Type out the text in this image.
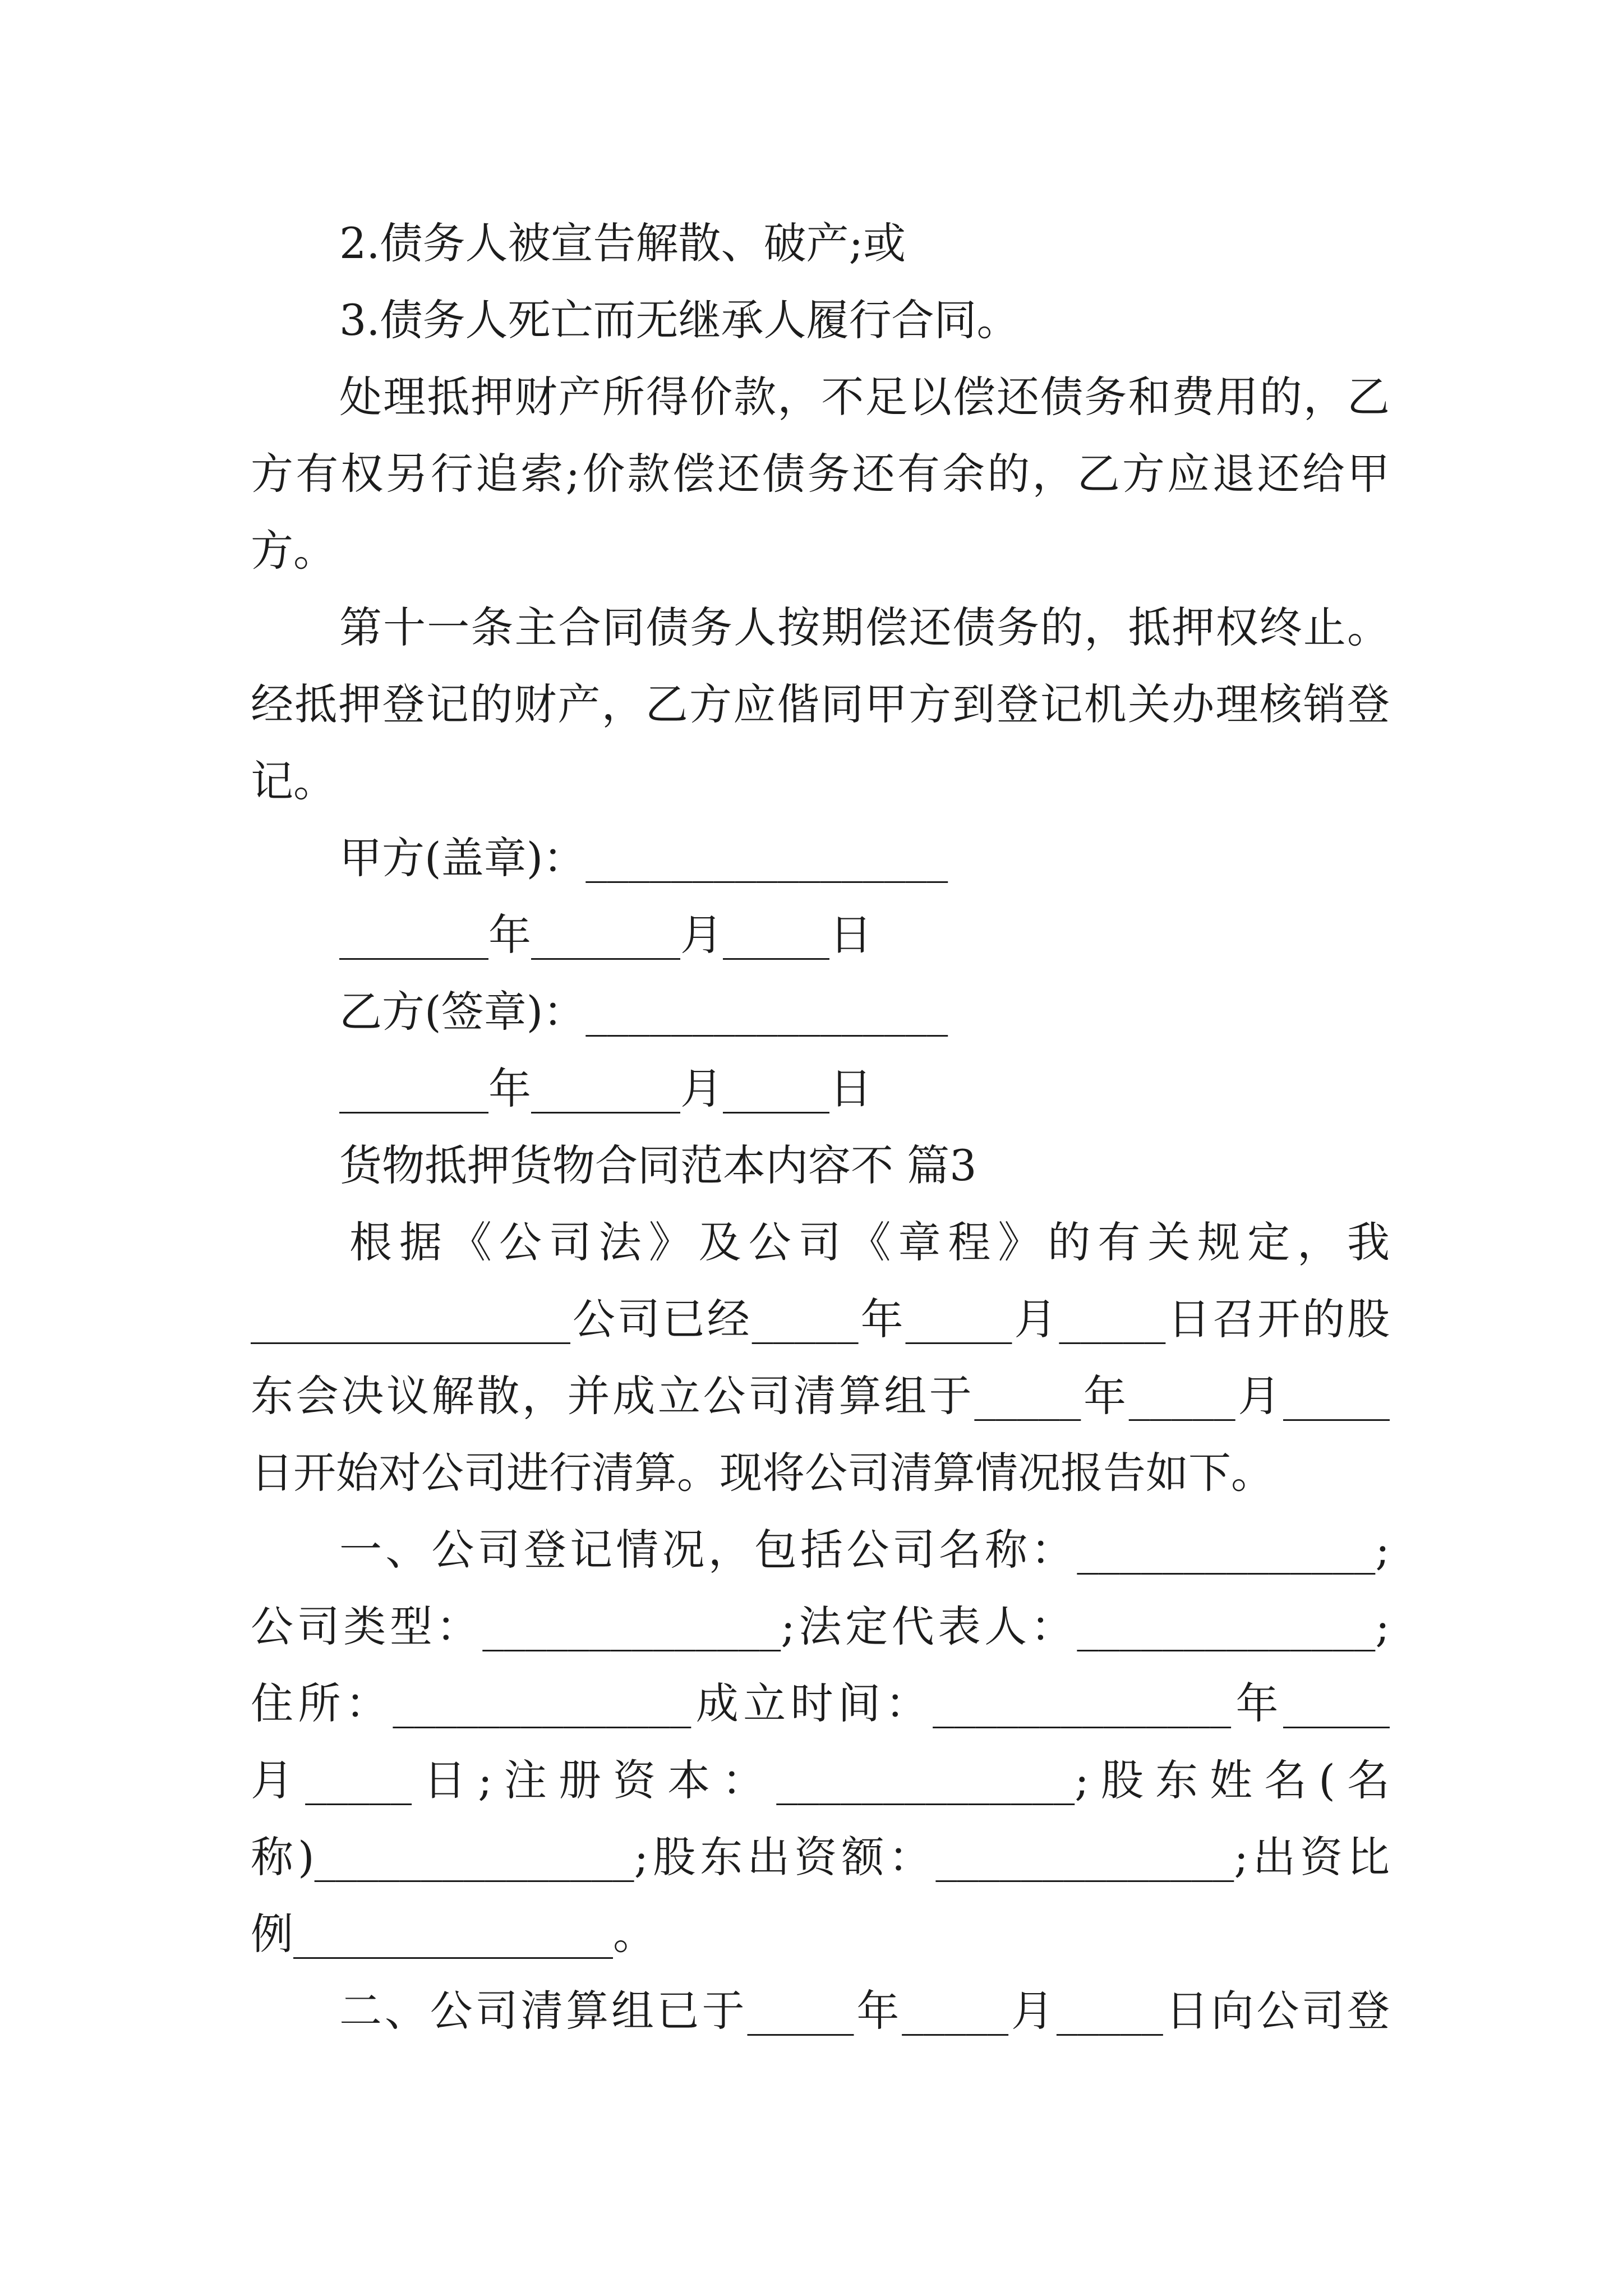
2.债务人被宣告解散、破产;或
3.债务人死亡而无继承人履行合同。
处理抵押财产所得价款，不足以偿还债务和费用的，乙
方有权另行追索;价款偿还债务还有余的，乙方应退还给甲
方。
第十一条主合同债务人按期偿还债务的，抵押权终止。
经抵押登记的财产，乙方应偕同甲方到登记机关办理核销登
记。
甲方(盖章)：_________________
_______年_______月_____日
乙方(签章)：_________________
_______年_______月_____日
货物抵押货物合同范本内容不 篇3
根据《公司法》及公司《章程》的有关规定，我
_______________公司已经_____年_____月_____日召开的股
东会决议解散，并成立公司清算组于_____年_____月_____
日开始对公司进行清算。现将公司清算情况报告如下。
一、公司登记情况，包括公司名称：______________;
公司类型：______________;法定代表人：______________;
住所：______________成立时间：______________年_____
月_____日;注册资本：______________;股东姓名(名
称)_______________;股东出资额：______________;出资比
例_______________。
二、公司清算组已于_____年_____月_____日向公司登
